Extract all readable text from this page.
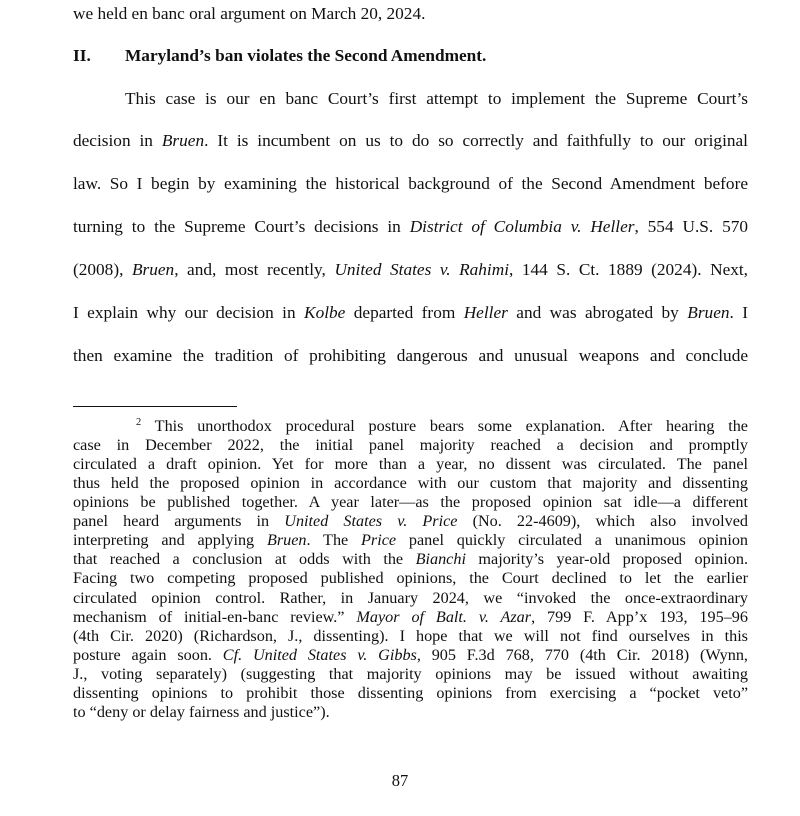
we held en banc oral argument on March 20, 2024.
II. Maryland’s ban violates the Second Amendment.
This case is our en banc Court’s first attempt to implement the Supreme Court’s
decision in Bruen. It is incumbent on us to do so correctly and faithfully to our original
law. So I begin by examining the historical background of the Second Amendment before
turning to the Supreme Court’s decisions in District of Columbia v. Heller, 554 U.S. 570
(2008), Bruen, and, most recently, United States v. Rahimi, 144 S. Ct. 1889 (2024). Next,
I explain why our decision in Kolbe departed from Heller and was abrogated by Bruen. I
then examine the tradition of prohibiting dangerous and unusual weapons and conclude
$^2$ This unorthodox procedural posture bears some explanation. After hearing the
case in December 2022, the initial panel majority reached a decision and promptly
circulated a draft opinion. Yet for more than a year, no dissent was circulated. The panel
thus held the proposed opinion in accordance with our custom that majority and dissenting
opinions be published together. A year later—as the proposed opinion sat idle—a different
panel heard arguments in United States v. Price (No. 22-4609), which also involved
interpreting and applying Bruen. The Price panel quickly circulated a unanimous opinion
that reached a conclusion at odds with the Bianchi majority’s year-old proposed opinion.
Facing two competing proposed published opinions, the Court declined to let the earlier
circulated opinion control. Rather, in January 2024, we “invoked the once-extraordinary
mechanism of initial-en-banc review.” Mayor of Balt. v. Azar, 799 F. App’x 193, 195–96
(4th Cir. 2020) (Richardson, J., dissenting). I hope that we will not find ourselves in this
posture again soon. Cf. United States v. Gibbs, 905 F.3d 768, 770 (4th Cir. 2018) (Wynn,
J., voting separately) (suggesting that majority opinions may be issued without awaiting
dissenting opinions to prohibit those dissenting opinions from exercising a “pocket veto”
to “deny or delay fairness and justice”).
87
